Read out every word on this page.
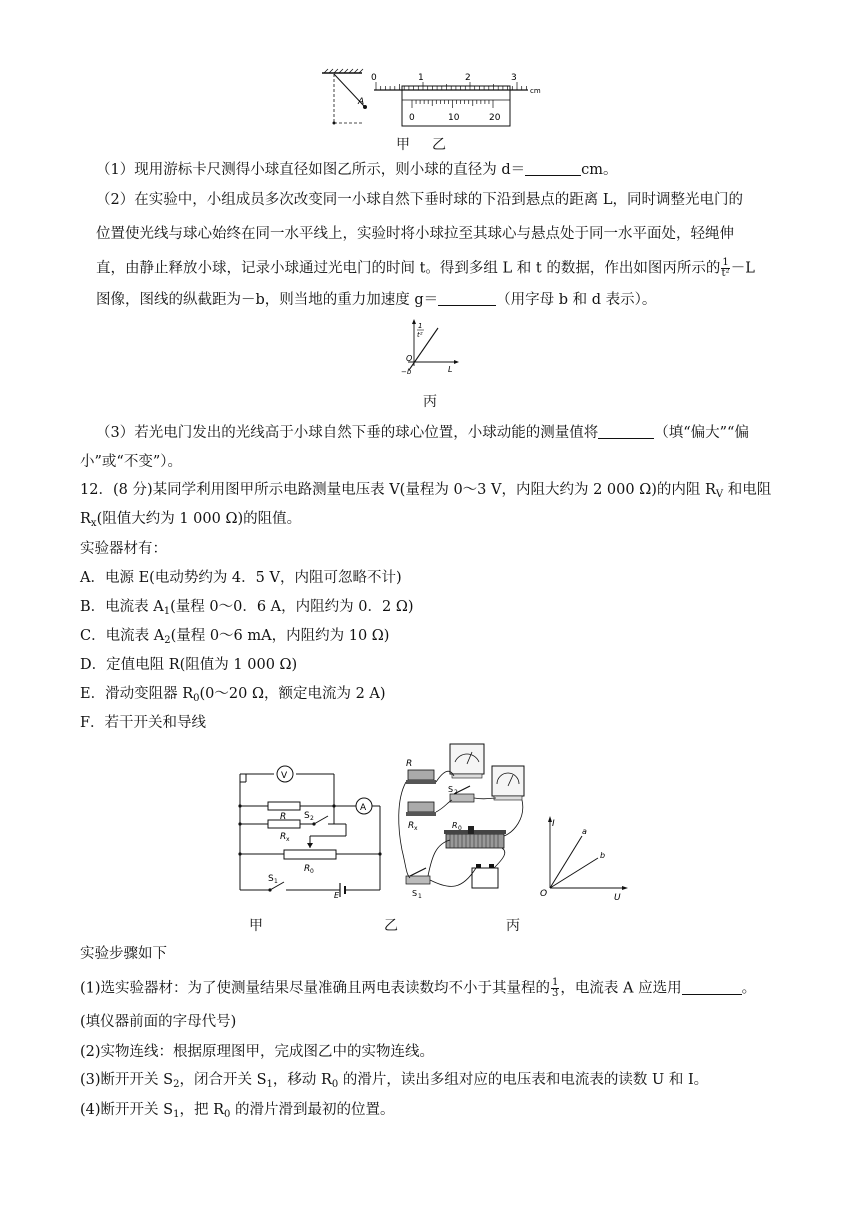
A
0	1	2	3
cm
0	10	20
甲 乙
（1）现用游标卡尺测得小球直径如图乙所示，则小球的直径为 d＝	cm。
（2）在实验中，小组成员多次改变同一小球自然下垂时球的下沿到悬点的距离 L，同时调整光电门的
位置使光线与球心始终在同一水平线上，实验时将小球拉至其球心与悬点处于同一水平面处，轻绳伸
直，由静止释放小球，记录小球通过光电门的时间 t。得到多组 L 和 t 的数据，作出如图丙所示的 $\frac{1}{\text{t²}} -L$
图像，图线的纵截距为－b，则当地的重力加速度 g＝	（用字母 b 和 d 表示）。
1
t²
O
−b	L
丙
（3）若光电门发出的光线高于小球自然下垂的球心位置，小球动能的测量值将	（填“偏大”“偏
小”或“不变”）。
12．(8 分)某同学利用图甲所示电路测量电压表 V(量程为 0～3 V，内阻大约为 2 000 Ω)的内阻 $R_V$ 和电阻
$R_x$(阻值大约为 1 000 Ω)的阻值。
实验器材有：
A．电源 E(电动势约为 4．5 V，内阻可忽略不计)
B．电流表 $A_1$(量程 0～0．6 A，内阻约为 0．2 Ω)
C．电流表 $A_2$(量程 0～6 mA，内阻约为 10 Ω)
D．定值电阻 R(阻值为 1 000 Ω)
E．滑动变阻器 $R_0(0\sim 20$ Ω，额定电流为 2 A)
F．若干开关和导线
V
A
R
R x
S 2
R 0
S 1
E
R
R x
S 2
R 0
S 1
I
U
O
a
b
甲	乙	丙
实验步骤如下
(1)选实验器材：为了使测量结果尽量准确且两电表读数均不小于其量程的 $\frac{1}{3}$ ，电流表 A 应选用	。
(填仪器前面的字母代号)
(2)实物连线：根据原理图甲，完成图乙中的实物连线。
(3)断开开关 $S_2$，闭合开关 $S_1$，移动 $R_0$ 的滑片，读出多组对应的电压表和电流表的读数 U 和 I。
(4)断开开关 $S_1$，把 $R_0$ 的滑片滑到最初的位置。
